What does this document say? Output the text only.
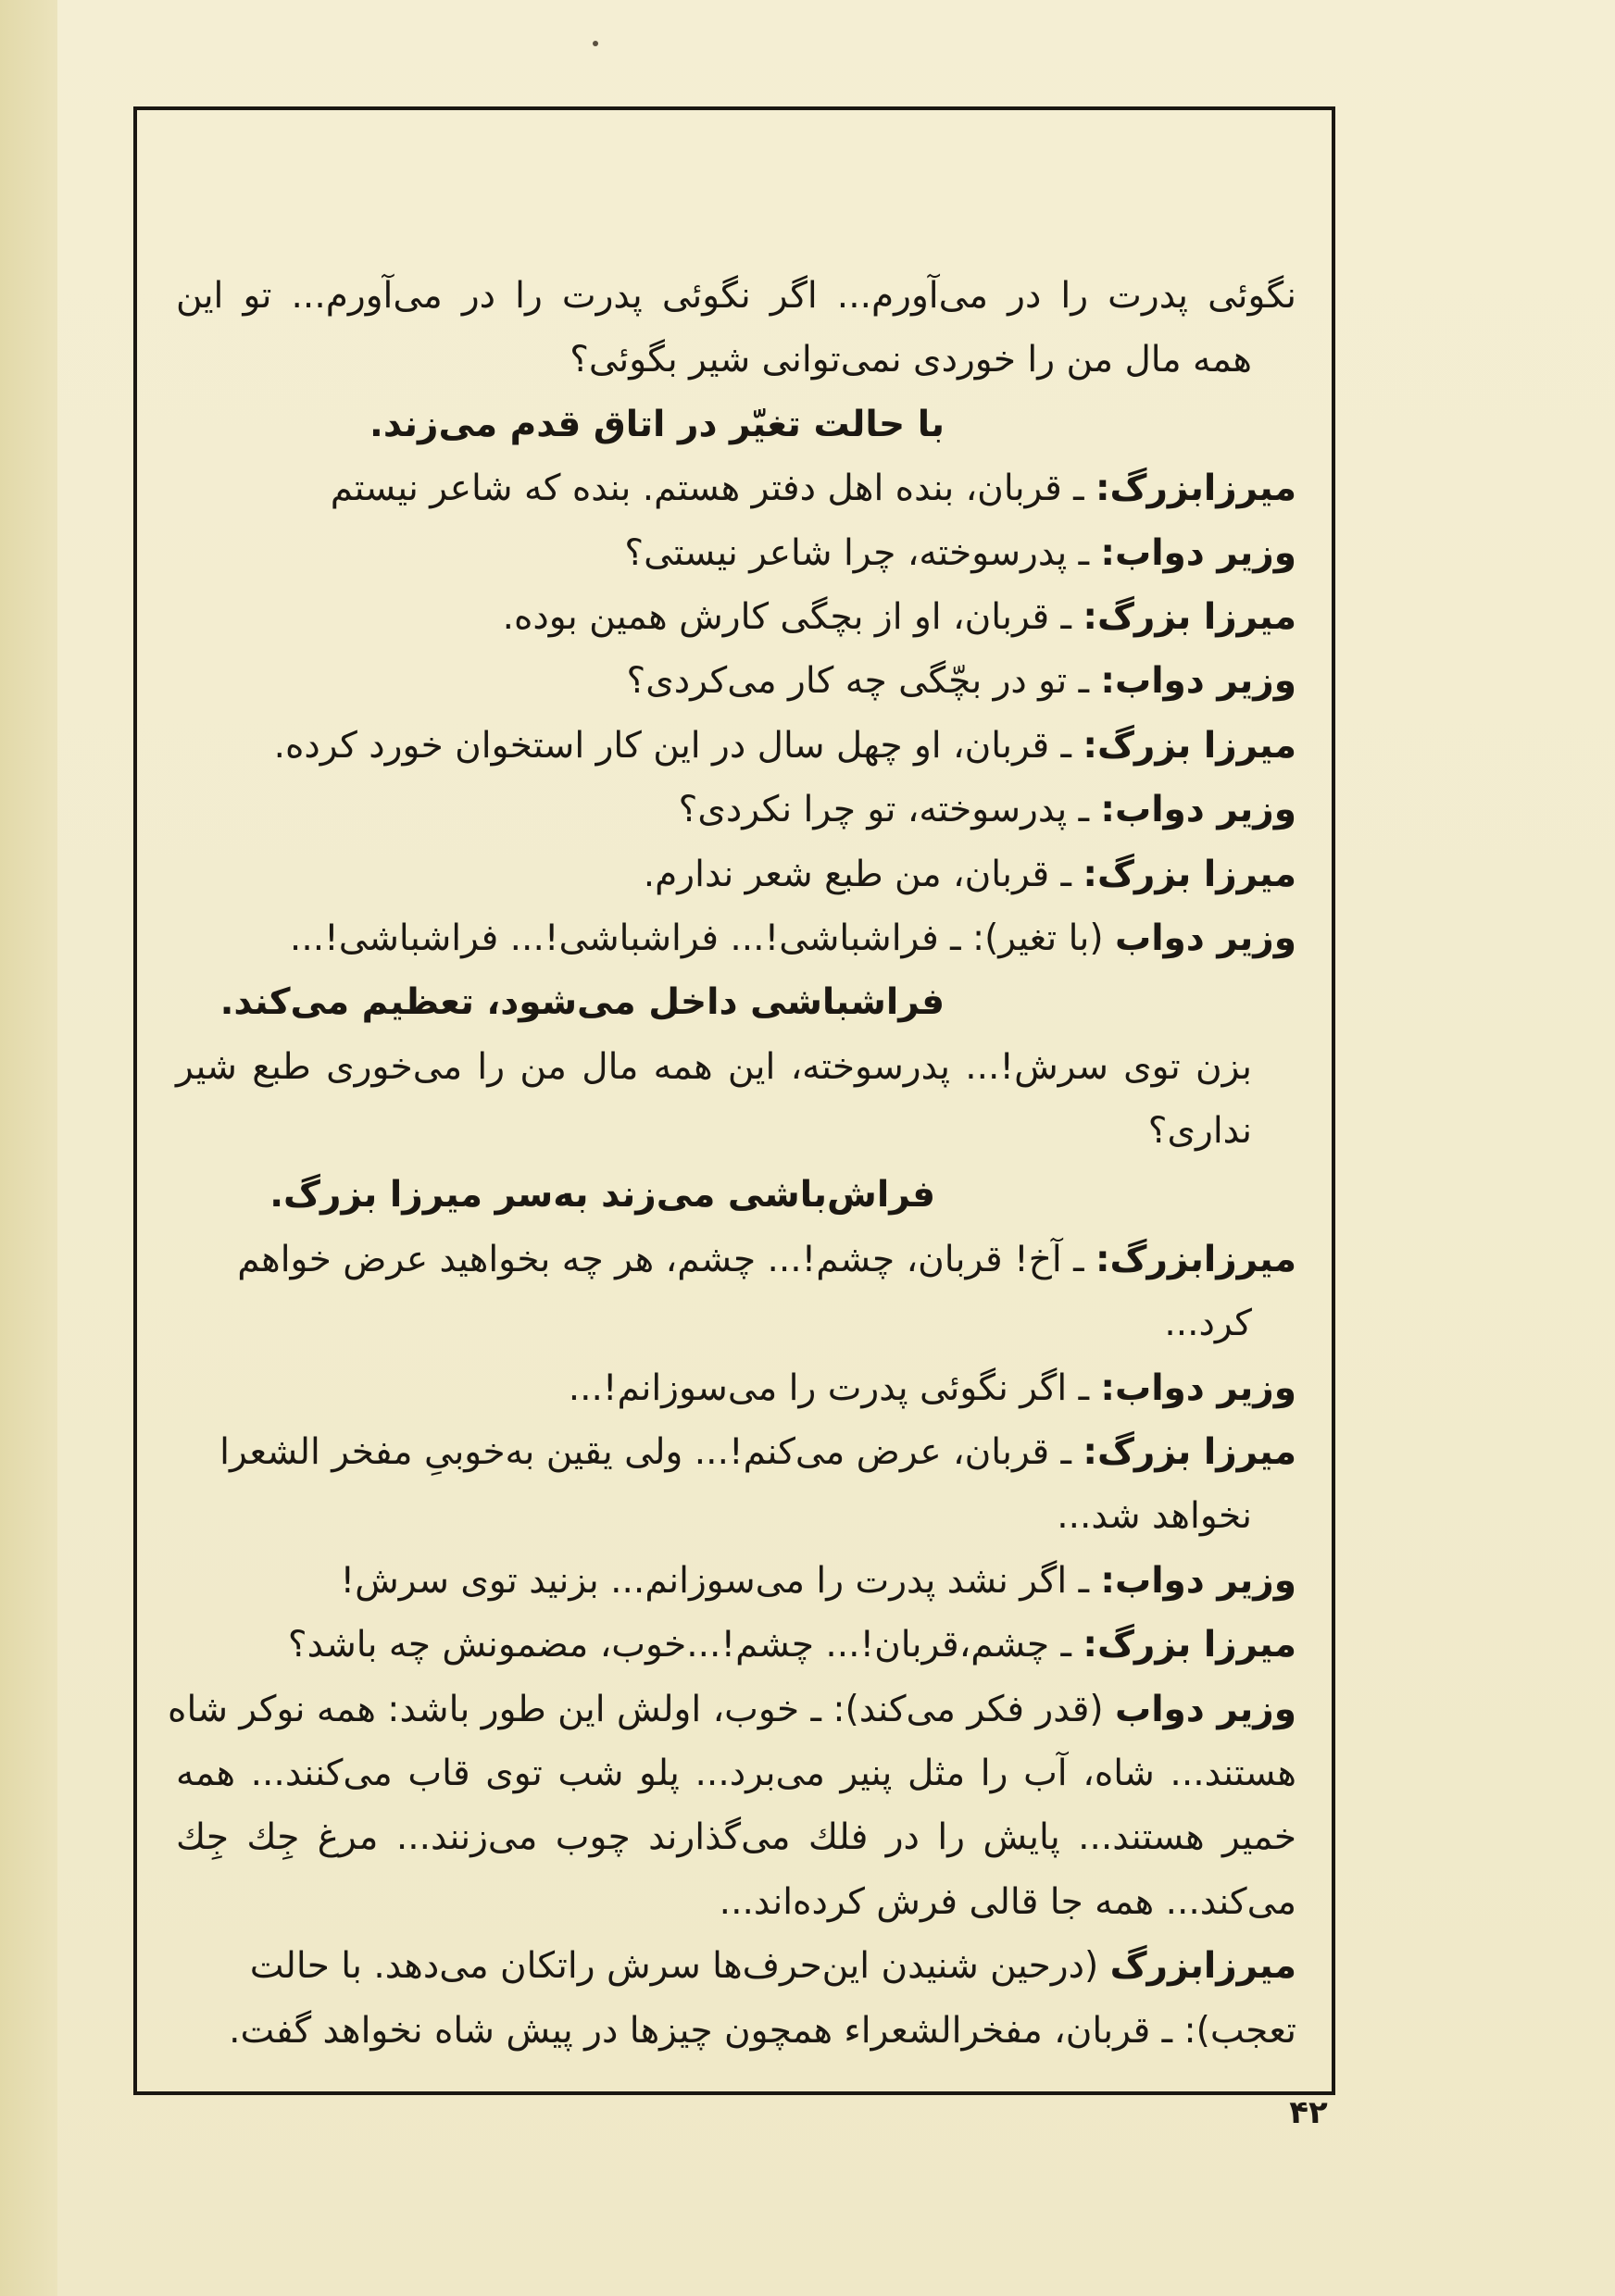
نگوئی پدرت را در می‌آورم... اگر نگوئی پدرت را در می‌آورم... تو این
همه مال من را خوردی نمی‌توانی شیر بگوئی؟
با حالت تغیّر در اتاق قدم می‌زند.
میرزابزرگ: ـ قربان، بنده اهل دفتر هستم. بنده که شاعر نیستم
وزیر دواب: ـ پدرسوخته، چرا شاعر نیستی؟
میرزا بزرگ: ـ قربان، او از بچگی کارش همین بوده.
وزیر دواب: ـ تو در بچّگی چه کار می‌کردی؟
میرزا بزرگ: ـ قربان، او چهل سال در این کار استخوان خورد کرده.
وزیر دواب: ـ پدرسوخته، تو چرا نکردی؟
میرزا بزرگ: ـ قربان، من طبع شعر ندارم.
وزیر دواب (با تغیر): ـ فراشباشی!... فراشباشی!... فراشباشی!...
فراشباشی داخل می‌شود، تعظیم می‌کند.
بزن توی سرش!... پدرسوخته، این همه مال من را می‌خوری طبع شیر
نداری؟
فراش‌باشی می‌زند به‌سر میرزا بزرگ.
میرزابزرگ: ـ آخ! قربان، چشم!... چشم، هر چه بخواهید عرض خواهم
کرد...
وزیر دواب: ـ اگر نگوئی پدرت را می‌سوزانم!...
میرزا بزرگ: ـ قربان، عرض می‌کنم!... ولی یقین به‌خوبیِ مفخر الشعرا
نخواهد شد...
وزیر دواب: ـ اگر نشد پدرت را می‌سوزانم... بزنید توی سرش!
میرزا بزرگ: ـ چشم،قربان!... چشم!...خوب، مضمونش چه باشد؟
وزیر دواب (قدر فکر می‌کند): ـ خوب، اولش این طور باشد: همه نوکر شاه
هستند... شاه، آب را مثل پنیر می‌برد... پلو شب توی قاب می‌کنند... همه
خمیر هستند... پایش را در فلك می‌گذارند چوب می‌زنند... مرغ جِك جِك
می‌کند... همه جا قالی فرش کرده‌اند...
میرزابزرگ (درحین شنیدن این‌حرف‌ها سرش راتکان می‌دهد. با حالت
تعجب): ـ قربان، مفخرالشعراء همچون چیزها در پیش شاه نخواهد گفت.
۴۲
